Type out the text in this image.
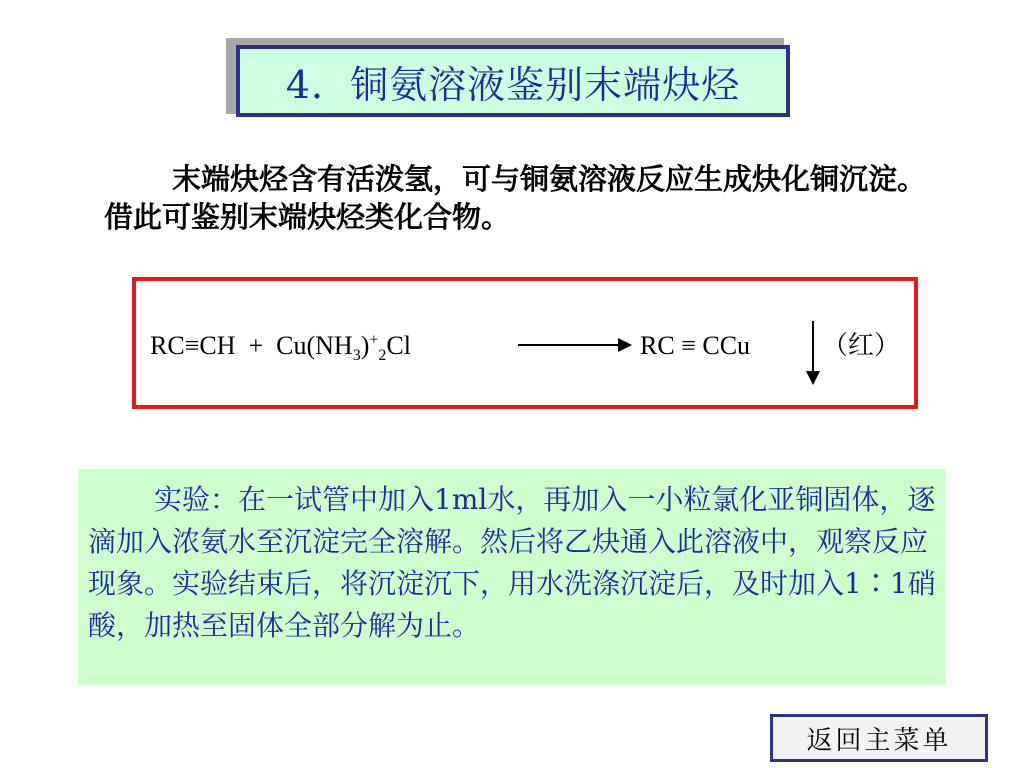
4．铜氨溶液鉴别末端炔烃
末端炔烃含有活泼氢，可与铜氨溶液反应生成炔化铜沉淀。借此可鉴别末端炔烃类化合物。
$RC\equiv CH + Cu(NH_3)^+_2Cl$	RC ≡ CCu	（红）
实验：在一试管中加入1ml水，再加入一小粒氯化亚铜固体，逐滴加入浓氨水至沉淀完全溶解。然后将乙炔通入此溶液中，观察反应现象。实验结束后，将沉淀沉下，用水洗涤沉淀后，及时加入1∶1硝酸，加热至固体全部分解为止。
返回主菜单
